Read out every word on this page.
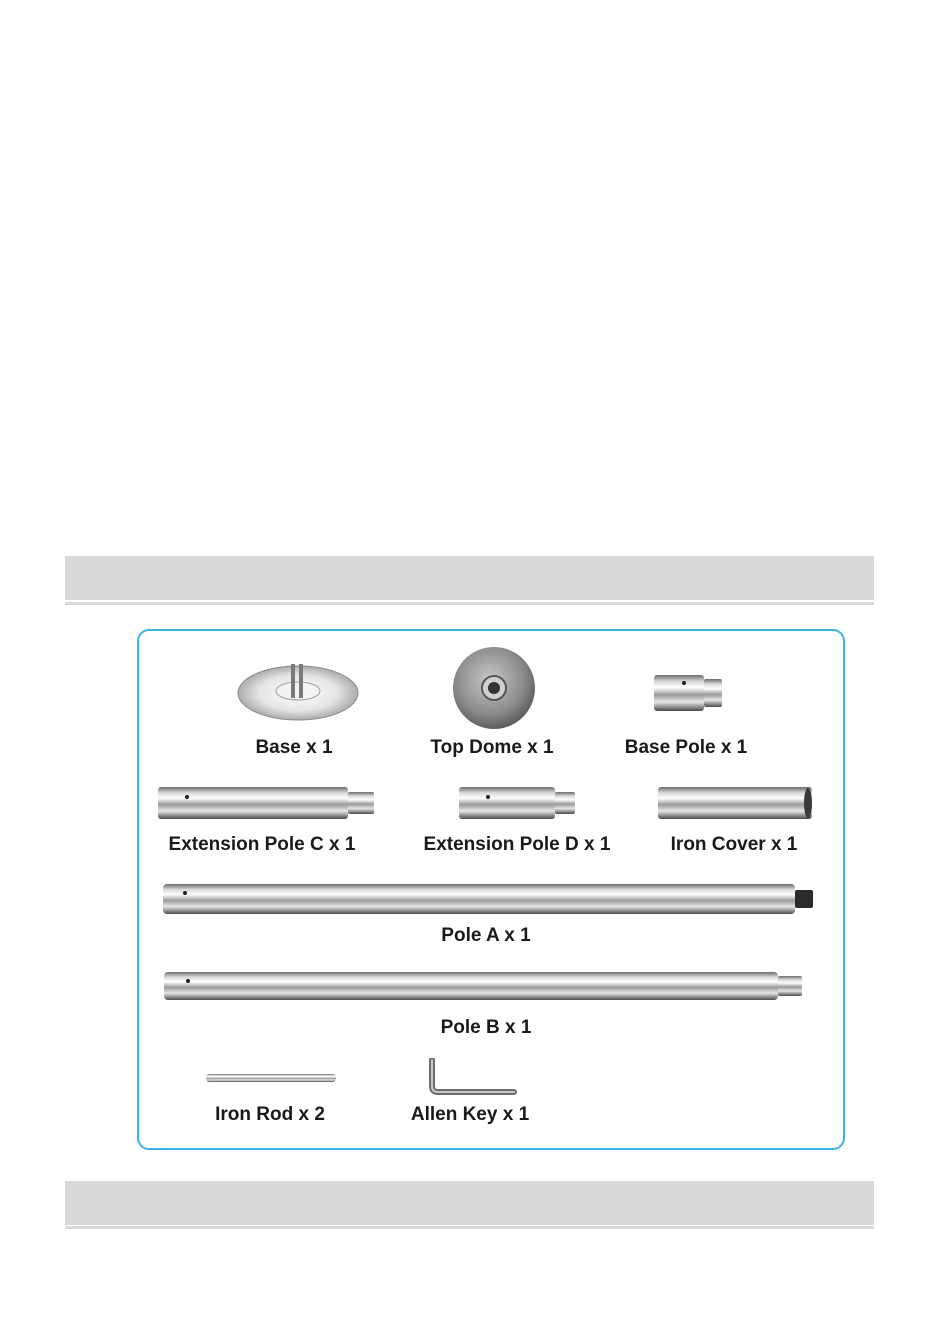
Base x 1	Top Dome x 1	Base Pole x 1
Extension Pole C x 1	Extension Pole D x 1	Iron Cover x 1
Pole A x 1
Pole B x 1
Iron Rod x 2	Allen Key x 1
